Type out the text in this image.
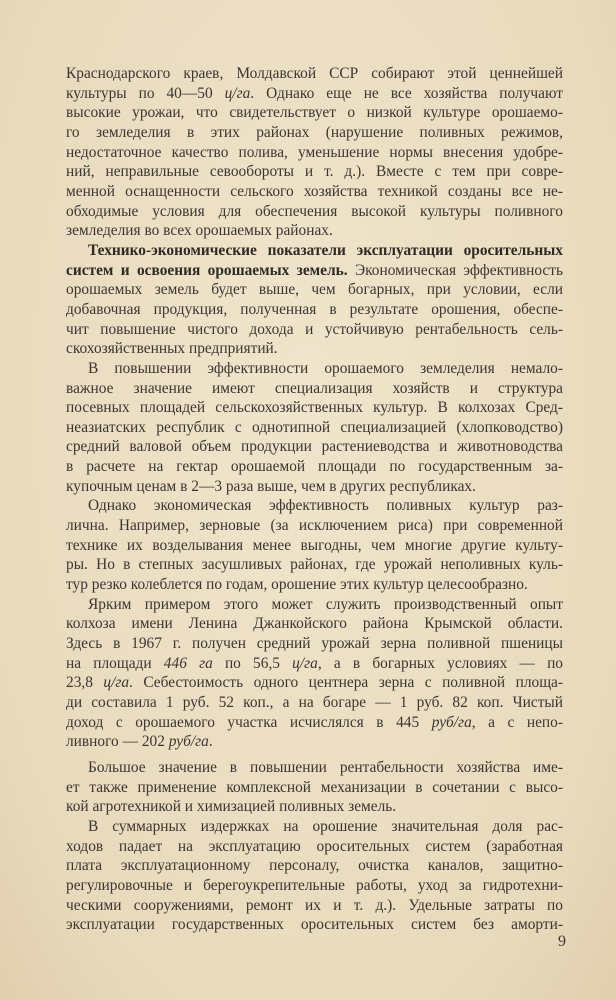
Краснодарского краев, Молдавской ССР собирают этой ценнейшей
культуры по 40—50 ц/га. Однако еще не все хозяйства получают
высокие урожаи, что свидетельствует о низкой культуре орошаемо-
го земледелия в этих районах (нарушение поливных режимов,
недостаточное качество полива, уменьшение нормы внесения удобре-
ний, неправильные севообороты и т. д.). Вместе с тем при совре-
менной оснащенности сельского хозяйства техникой созданы все не-
обходимые условия для обеспечения высокой культуры поливного
земледелия во всех орошаемых районах.
Технико-экономические показатели эксплуатации оросительных
систем и освоения орошаемых земель. Экономическая эффективность
орошаемых земель будет выше, чем богарных, при условии, если
добавочная продукция, полученная в результате орошения, обеспе-
чит повышение чистого дохода и устойчивую рентабельность сель-
скохозяйственных предприятий.
В повышении эффективности орошаемого земледелия немало-
важное значение имеют специализация хозяйств и структура
посевных площадей сельскохозяйственных культур. В колхозах Сред-
неазиатских республик с однотипной специализацией (хлопководство)
средний валовой объем продукции растениеводства и животноводства
в расчете на гектар орошаемой площади по государственным за-
купочным ценам в 2—3 раза выше, чем в других республиках.
Однако экономическая эффективность поливных культур раз-
лична. Например, зерновые (за исключением риса) при современной
технике их возделывания менее выгодны, чем многие другие культу-
ры. Но в степных засушливых районах, где урожай неполивных куль-
тур резко колеблется по годам, орошение этих культур целесообразно.
Ярким примером этого может служить производственный опыт
колхоза имени Ленина Джанкойского района Крымской области.
Здесь в 1967 г. получен средний урожай зерна поливной пшеницы
на площади 446 га по 56,5 ц/га, а в богарных условиях — по
23,8 ц/га. Себестоимость одного центнера зерна с поливной площа-
ди составила 1 руб. 52 коп., а на богаре — 1 руб. 82 коп. Чистый
доход с орошаемого участка исчислялся в 445 руб/га, а с непо-
ливного — 202 руб/га.
Большое значение в повышении рентабельности хозяйства име-
ет также применение комплексной механизации в сочетании с высо-
кой агротехникой и химизацией поливных земель.
В суммарных издержках на орошение значительная доля рас-
ходов падает на эксплуатацию оросительных систем (заработная
плата эксплуатационному персоналу, очистка каналов, защитно-
регулировочные и берегоукрепительные работы, уход за гидротехни-
ческими сооружениями, ремонт их и т. д.). Удельные затраты по
эксплуатации государственных оросительных систем без аморти-
9
